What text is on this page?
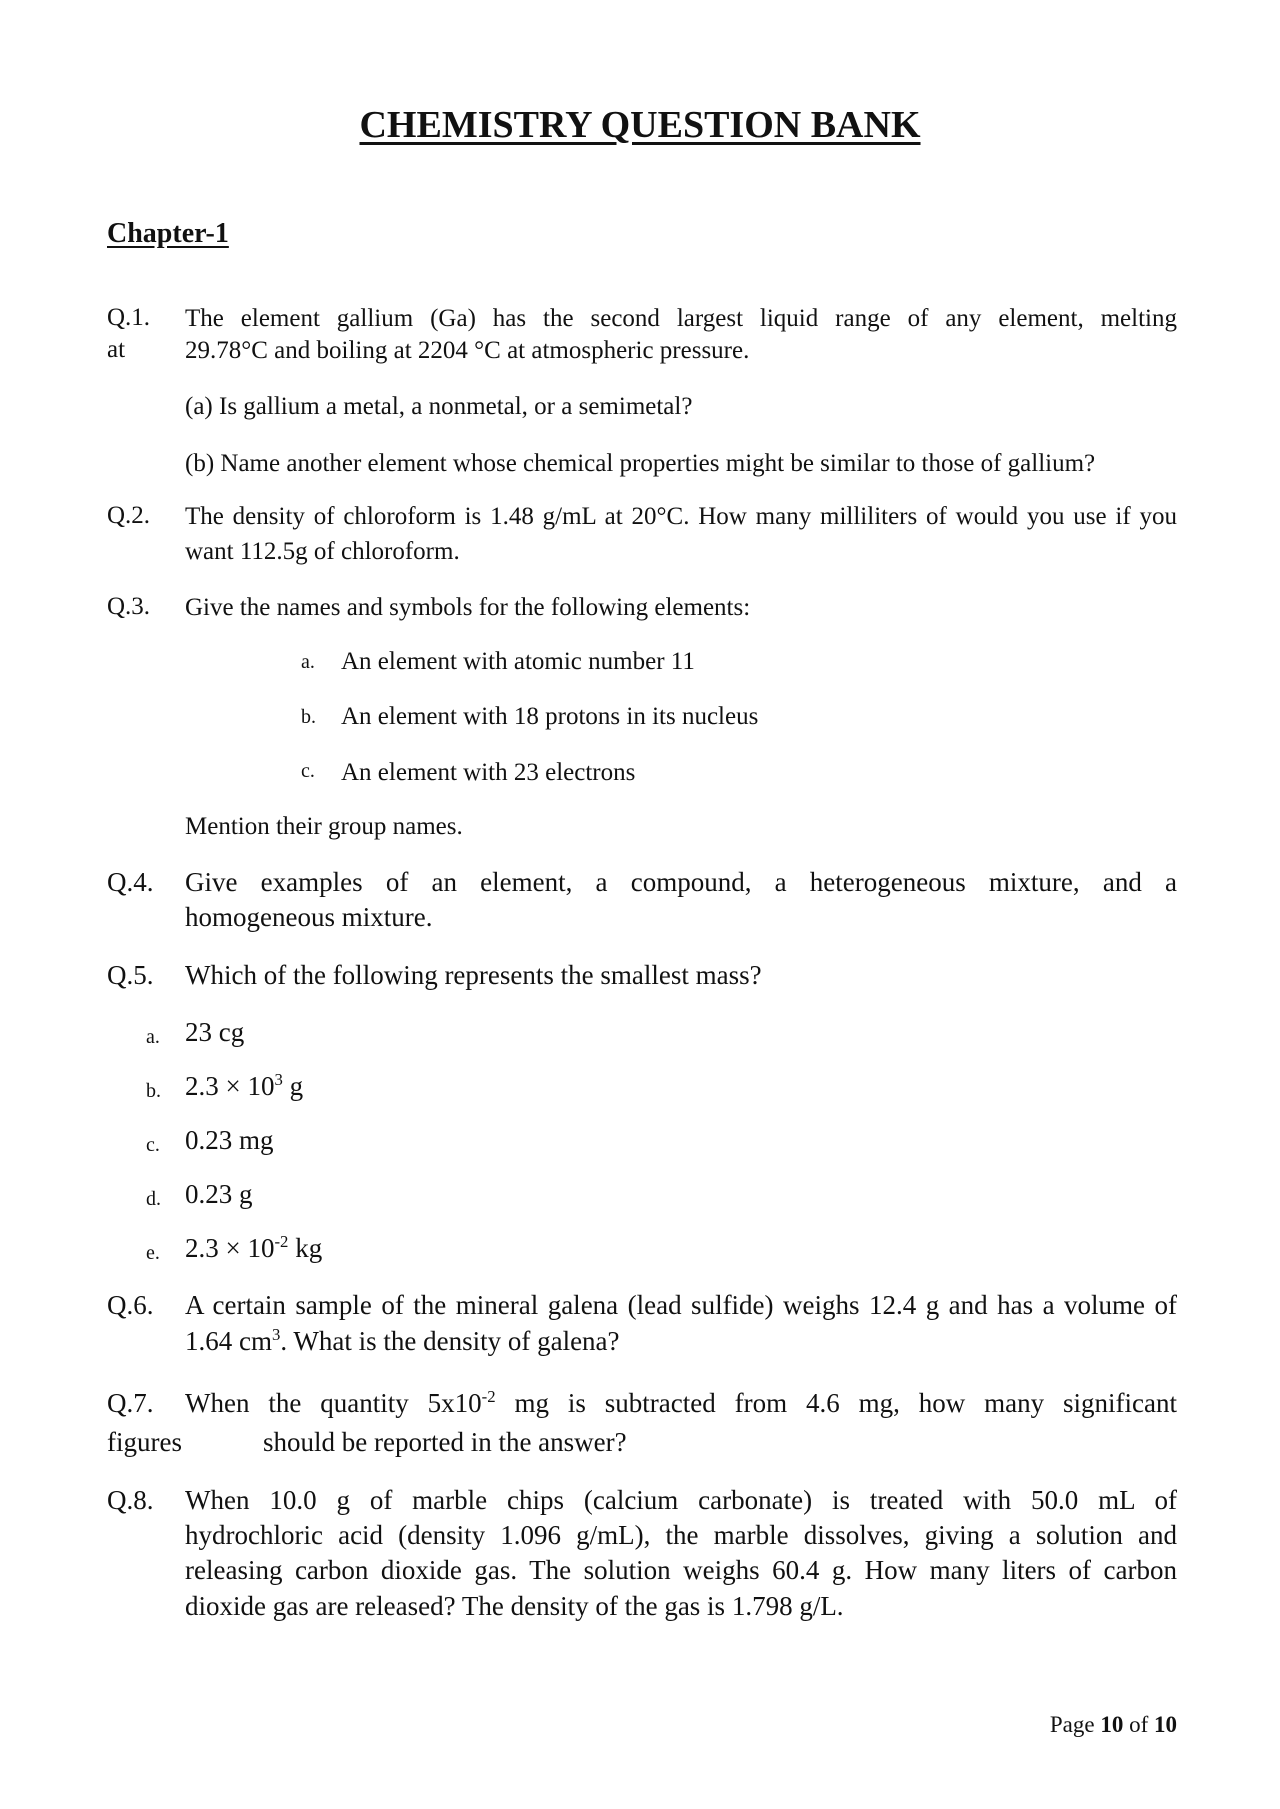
CHEMISTRY QUESTION BANK
Chapter-1
Q.1. The element gallium (Ga) has the second largest liquid range of any element, melting
at 29.78°C and boiling at 2204 °C at atmospheric pressure.
(a) Is gallium a metal, a nonmetal, or a semimetal?
(b) Name another element whose chemical properties might be similar to those of gallium?
Q.2. The density of chloroform is 1.48 g/mL at 20°C. How many milliliters of would you use if you
want 112.5g of chloroform.
Q.3. Give the names and symbols for the following elements:
a. An element with atomic number 11
b. An element with 18 protons in its nucleus
c. An element with 23 electrons
Mention their group names.
Q.4. Give examples of an element, a compound, a heterogeneous mixture, and a
homogeneous mixture.
Q.5. Which of the following represents the smallest mass?
a. 23 cg
b. $2.3 \times 10^3$ g
c. 0.23 mg
d. 0.23 g
e. $2.3 \times 10^{-2}$ kg
Q.6. A certain sample of the mineral galena (lead sulfide) weighs 12.4 g and has a volume of
1.64 $cm^3$. What is the density of galena?
Q.7. When the quantity $5x10^{-2}$ mg is subtracted from 4.6 mg, how many significant
figures	should be reported in the answer?
Q.8. When 10.0 g of marble chips (calcium carbonate) is treated with 50.0 mL of
hydrochloric acid (density 1.096 g/mL), the marble dissolves, giving a solution and
releasing carbon dioxide gas. The solution weighs 60.4 g. How many liters of carbon
dioxide gas are released? The density of the gas is 1.798 g/L.
Page 10 of 10
